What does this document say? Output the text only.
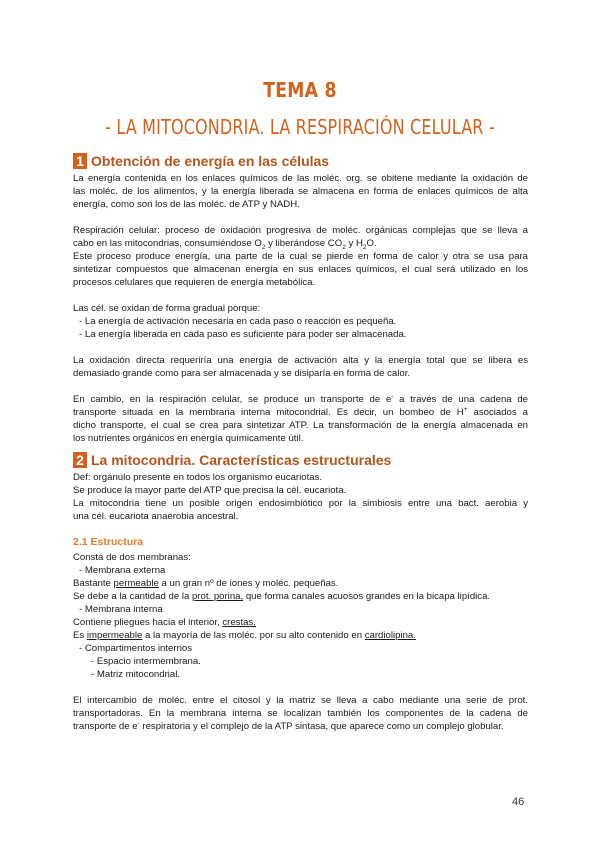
TEMA 8
- LA MITOCONDRIA. LA RESPIRACIÓN CELULAR -
1 Obtención de energía en las células

La energía contenida en los enlaces químicos de las moléc. org. se obitene mediante la oxidación de

las moléc. de los alimentos, y la energía liberada se almacena en forma de enlaces químicos de alta

energía, como son los de las moléc. de ATP y NADH.

Respiración celular: proceso de oxidación progresiva de moléc. orgánicas complejas que se lleva a

cabo en las mitocondrias, consumiéndose $O_2$ y liberándose $CO_2$ y $H_2O$.

Este proceso produce energía, una parte de la cual se pierde en forma de calor y otra se usa para

sintetizar compuestos que almacenan energía en sus enlaces químicos, el cual será utilizado en los

procesos celulares que requieren de energía metabólica.

Las cél. se oxidan de forma gradual porque:

- La energía de activación necesaria en cada paso o reacción es pequeña.

- La energía liberada en cada paso es suficiente para poder ser almacenada.

La oxidación directa requeriría una energía de activación alta y la energía total que se libera es

demasiado grande como para ser almacenada y se disiparía en forma de calor.

En cambio, en la respiración celular, se produce un transporte de e- a través de una cadena de

transporte situada en la membrana interna mitocondrial. Es decir, un bombeo de H+ asociados a

dicho transporte, el cual se crea para sintetizar ATP. La transformación de la energía almacenada en

los nutrientes orgánicos en energía químicamente útil.

2 La mitocondria. Características estructurales

Def: orgánulo presente en todos los organismo eucariotas.

Se produce la mayor parte del ATP que precisa la cél. eucariota.

La mitocondria tiene un posible origen endosimbiótico por la simbiosis entre una bact. aerobia y

una cél. eucariota anaerobia ancestral.

2.1 Estructura

Consta de dos membranas:

- Membrana externa

Bastante permeable a un gran nº de iones y moléc. pequeñas.

Se debe a la cantidad de la prot. porina, que forma canales acuosos grandes en la bicapa lipídica.

- Membrana interna

Contiene pliegues hacia el interior, crestas.

Es impermeable a la mayoría de las moléc. por su alto contenido en cardiolipina.

- Compartimentos internos

- Espacio intermembrana.

- Matriz mitocondrial.

El intercambio de moléc. entre el citosol y la matriz se lleva a cabo mediante una serie de prot.

transportadoras. En la membrana interna se localizan también los componentes de la cadena de

transporte de e- respiratoria y el complejo de la ATP sintasa, que aparece como un complejo globular.

46
